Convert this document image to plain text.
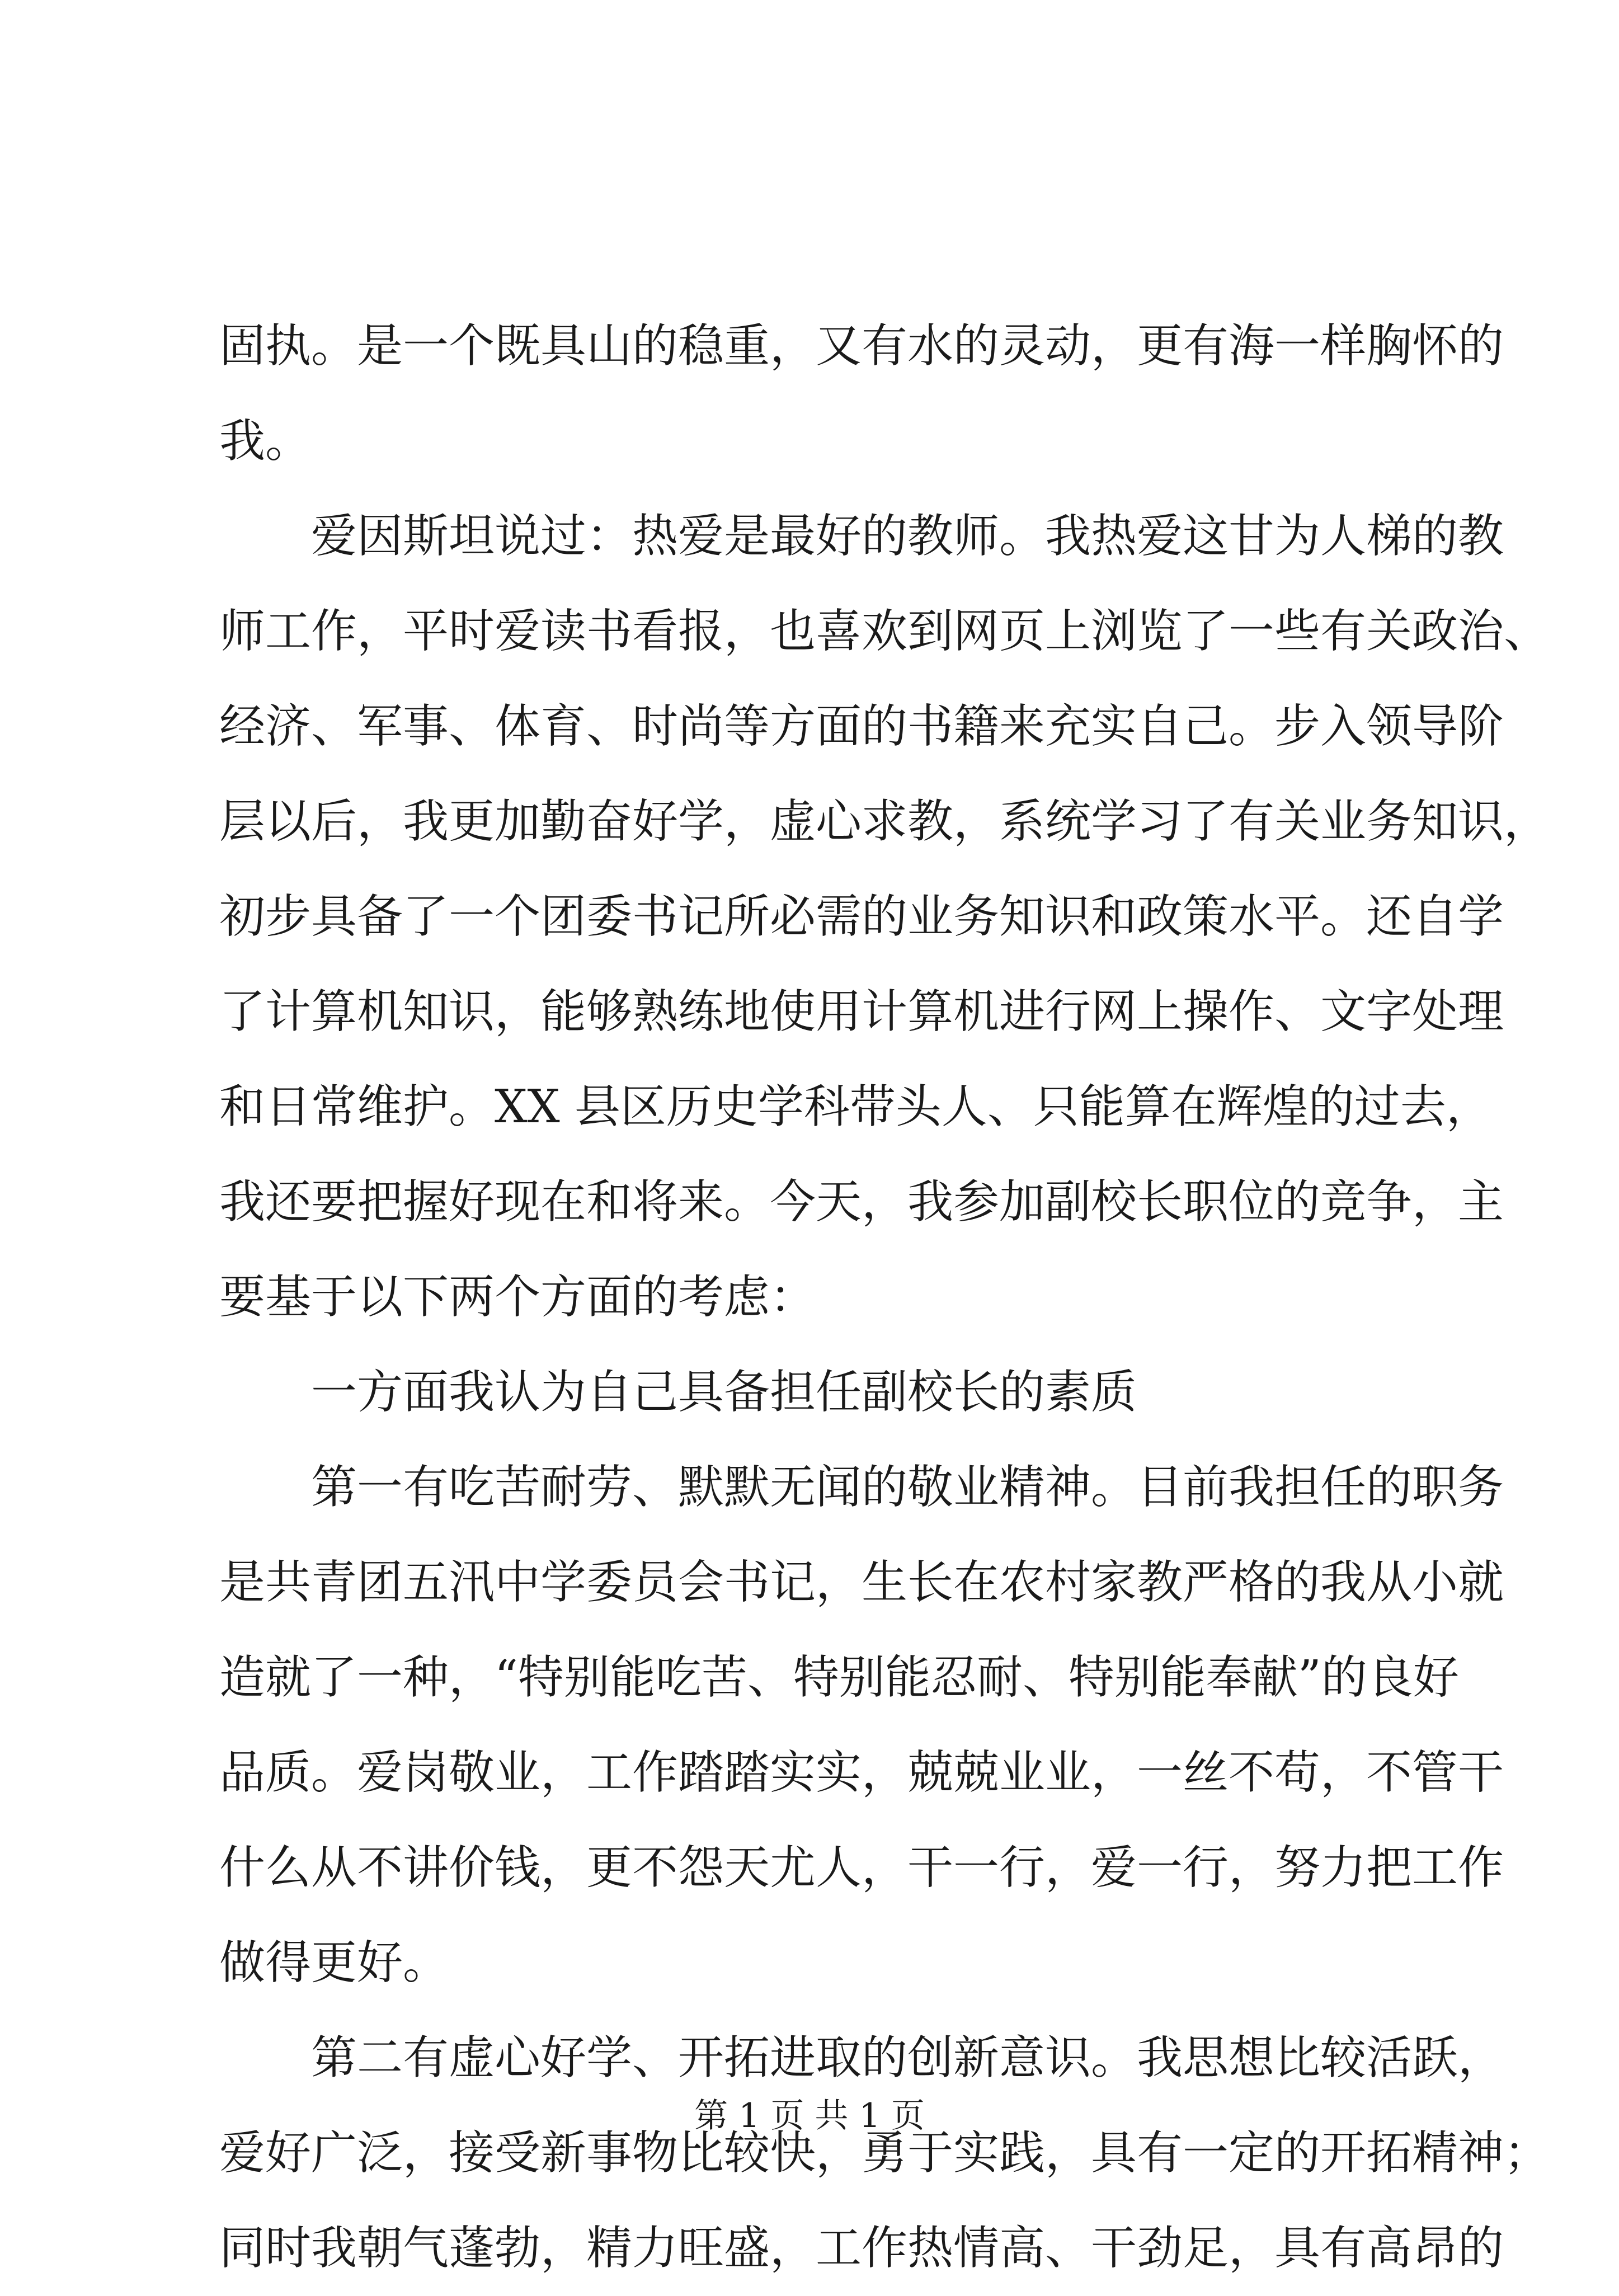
固执。是一个既具山的稳重，又有水的灵动，更有海一样胸怀的
我。
爱因斯坦说过：热爱是最好的教师。我热爱这甘为人梯的教
师工作，平时爱读书看报，也喜欢到网页上浏览了一些有关政治、
经济、军事、体育、时尚等方面的书籍来充实自己。步入领导阶
层以后，我更加勤奋好学，虚心求教，系统学习了有关业务知识，
初步具备了一个团委书记所必需的业务知识和政策水平。还自学
了计算机知识，能够熟练地使用计算机进行网上操作、文字处理
和日常维护。XX 县区历史学科带头人、只能算在辉煌的过去，
我还要把握好现在和将来。今天，我参加副校长职位的竞争，主
要基于以下两个方面的考虑：
一方面我认为自己具备担任副校长的素质
第一有吃苦耐劳、默默无闻的敬业精神。目前我担任的职务
是共青团五汛中学委员会书记，生长在农村家教严格的我从小就
造就了一种，“特别能吃苦、特别能忍耐、特别能奉献”的良好
品质。爱岗敬业，工作踏踏实实，兢兢业业，一丝不苟，不管干
什么从不讲价钱，更不怨天尤人，干一行，爱一行，努力把工作
做得更好。
第二有虚心好学、开拓进取的创新意识。我思想比较活跃，
爱好广泛，接受新事物比较快，勇于实践，具有一定的开拓精神；
同时我朝气蓬勃，精力旺盛，工作热情高、干劲足，具有高昂的
第 1 页 共 1 页
